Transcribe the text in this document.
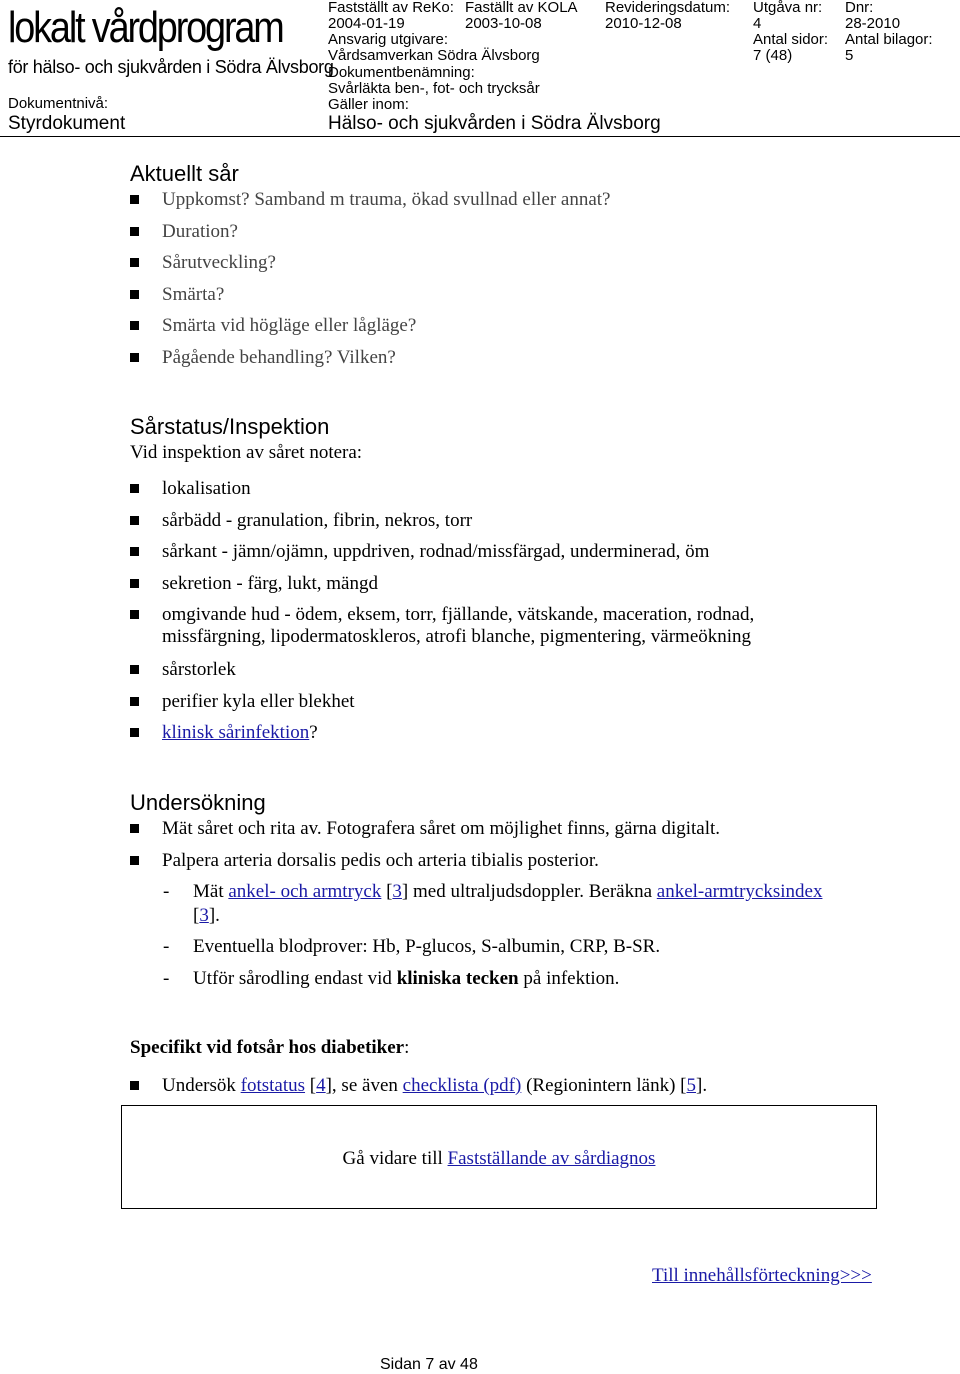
lokalt vårdprogram
för hälso- och sjukvården i Södra Älvsborg
Dokumentnivå:
Styrdokument
Fastställt av ReKo:
2004-01-19
Faställt av KOLA
2003-10-08
Revideringsdatum:
2010-12-08
Utgåva nr:
4
Dnr:
28-2010
Ansvarig utgivare:
Vårdsamverkan Södra Älvsborg
Antal sidor:
7 (48)
Antal bilagor:
5
Dokumentbenämning:
Svårläkta ben-, fot- och trycksår
Gäller inom:
Hälso- och sjukvården i Södra Älvsborg
Aktuellt sår
Uppkomst? Samband m trauma, ökad svullnad eller annat?
Duration?
Sårutveckling?
Smärta?
Smärta vid högläge eller lågläge?
Pågående behandling? Vilken?
Sårstatus/Inspektion
Vid inspektion av såret notera:
lokalisation
sårbädd - granulation, fibrin, nekros, torr
sårkant - jämn/ojämn, uppdriven, rodnad/missfärgad, underminerad, öm
sekretion - färg, lukt, mängd
omgivande hud - ödem, eksem, torr, fjällande, vätskande, maceration, rodnad,
missfärgning, lipodermatoskleros, atrofi blanche, pigmentering, värmeökning
sårstorlek
perifier kyla eller blekhet
klinisk sårinfektion?
Undersökning
Mät såret och rita av. Fotografera såret om möjlighet finns, gärna digitalt.
Palpera arteria dorsalis pedis och arteria tibialis posterior.
- Mät ankel- och armtryck [3] med ultraljudsdoppler. Beräkna ankel-armtrycksindex
[3].
- Eventuella blodprover: Hb, P-glucos, S-albumin, CRP, B-SR.
- Utför sårodling endast vid kliniska tecken på infektion.
Specifikt vid fotsår hos diabetiker:
Undersök fotstatus [4], se även checklista (pdf) (Regionintern länk) [5].
Gå vidare till Fastställande av sårdiagnos
Till innehållsförteckning>>>
Sidan 7 av 48
